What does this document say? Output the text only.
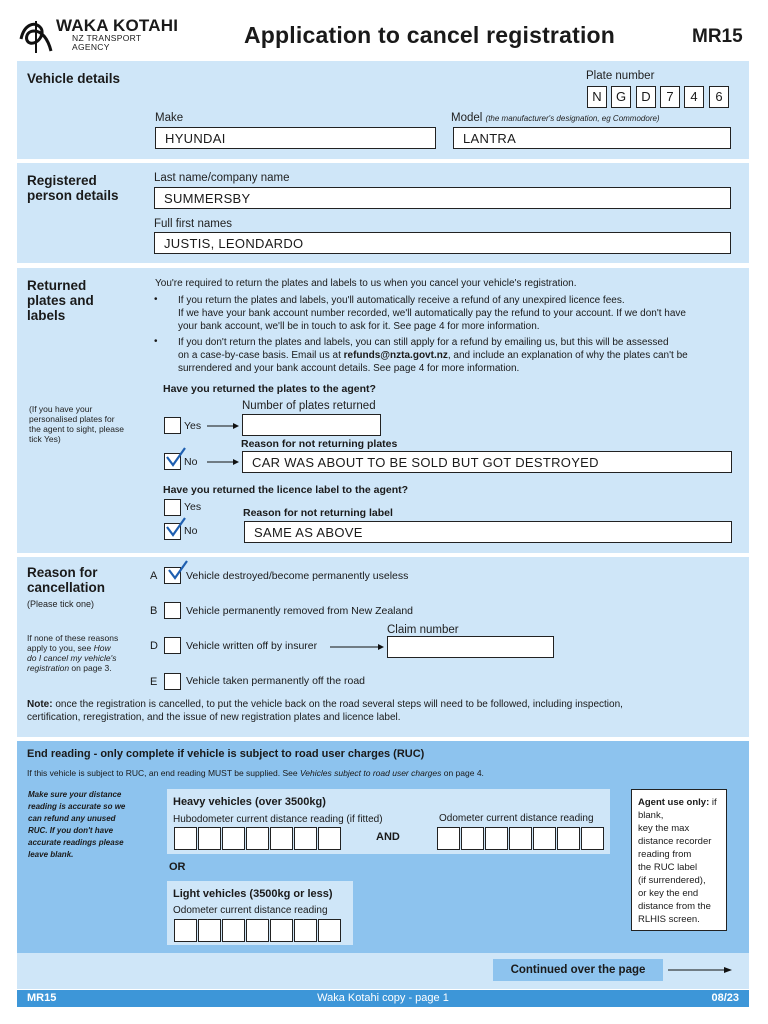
WAKA KOTAHI
NZ TRANSPORT
AGENCY	Application to cancel registration	MR15
Vehicle details	Plate number
N	G	D	7	4	6
Make
HYUNDAI
Model (the manufacturer's designation, eg Commodore)
LANTRA
Registered
person details
Last name/company name
SUMMERSBY
Full first names
JUSTIS, LEONDARDO
Returned
plates and
labels
You're required to return the plates and labels to us when you cancel your vehicle's registration.
• If you return the plates and labels, you'll automatically receive a refund of any unexpired licence fees.
If we have your bank account number recorded, we'll automatically pay the refund to your account. If we don't have
your bank account, we'll be in touch to ask for it. See page 4 for more information.
• If you don't return the plates and labels, you can still apply for a refund by emailing us, but this will be assessed
on a case-by-case basis. Email us at refunds@nzta.govt.nz, and include an explanation of why the plates can't be
surrendered and your bank account details. See page 4 for more information.
Have you returned the plates to the agent?
(If you have your
personalised plates for
the agent to sight, please
tick Yes)
Number of plates returned
Yes
Reason for not returning plates
No	CAR WAS ABOUT TO BE SOLD BUT GOT DESTROYED
Have you returned the licence label to the agent?
Yes	Reason for not returning label
No	SAME AS ABOVE
Reason for
cancellation
(Please tick one)
If none of these reasons
apply to you, see How
do I cancel my vehicle's
registration on page 3.
A	Vehicle destroyed/become permanently useless
B	Vehicle permanently removed from New Zealand
Claim number
D	Vehicle written off by insurer
E	Vehicle taken permanently off the road
Note: once the registration is cancelled, to put the vehicle back on the road several steps will need to be followed, including inspection,
certification, reregistration, and the issue of new registration plates and licence label.
End reading - only complete if vehicle is subject to road user charges (RUC)
If this vehicle is subject to RUC, an end reading MUST be supplied. See Vehicles subject to road user charges on page 4.
Make sure your distance
reading is accurate so we
can refund any unused
RUC. If you don't have
accurate readings please
leave blank.
Heavy vehicles (over 3500kg)
Hubodometer current distance reading (if fitted)	Odometer current distance reading
AND
OR
Light vehicles (3500kg or less)
Odometer current distance reading
Agent use only: if blank,
key the max
distance recorder
reading from
the RUC label
(if surrendered),
or key the end
distance from the
RLHIS screen.
Continued over the page
MR15	Waka Kotahi copy - page 1	08/23
